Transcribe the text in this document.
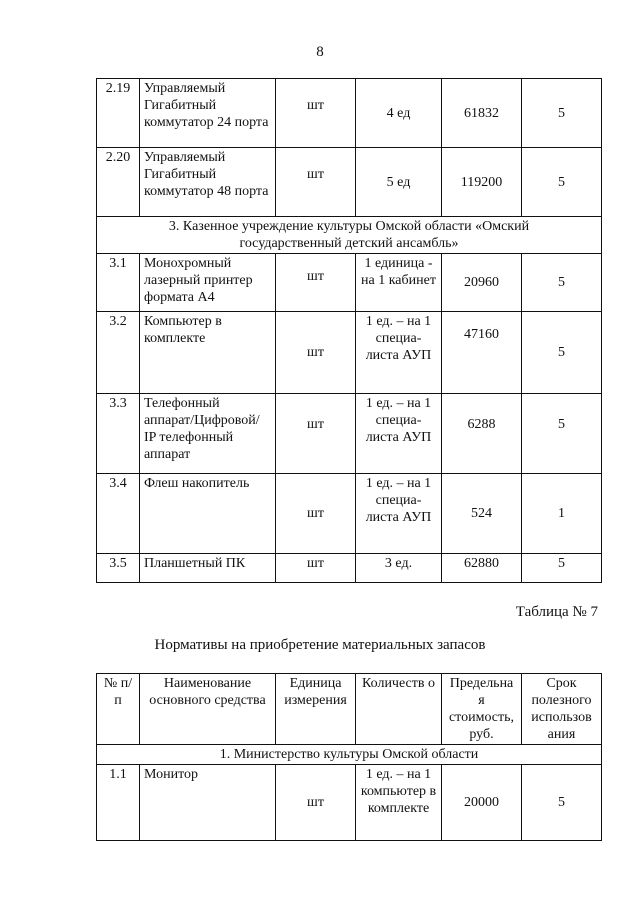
8
2.19	Управляемый Гигабитный коммутатор 24 порта	шт	4 ед	61832	5
2.20	Управляемый Гигабитный коммутатор 48 порта	шт	5 ед	119200	5
3. Казенное учреждение культуры Омской области «Омский государственный детский ансамбль»					
3.1	Монохромный лазерный принтер формата А4	шт	1 единица - на 1 кабинет	20960	5
3.2	Компьютер в комплекте	шт	1 ед. – на 1 специа-листа АУП	47160	5
3.3	Телефонный аппарат/Цифровой/ IP телефонный аппарат	шт	1 ед. – на 1 специа-листа АУП	6288	5
3.4	Флеш накопитель	шт	1 ед. – на 1 специа-листа АУП	524	1
3.5	Планшетный ПК	шт	3 ед.	62880	5
Таблица № 7
Нормативы на приобретение материальных запасов
№ п/п	Наименование основного средства	Единица измерения	Количеств о	Предельна я стоимость, руб.	Срок полезного использов ания
1. Министерство культуры Омской области					
1.1	Монитор	шт	1 ед. – на 1 компьютер в комплекте	20000	5
